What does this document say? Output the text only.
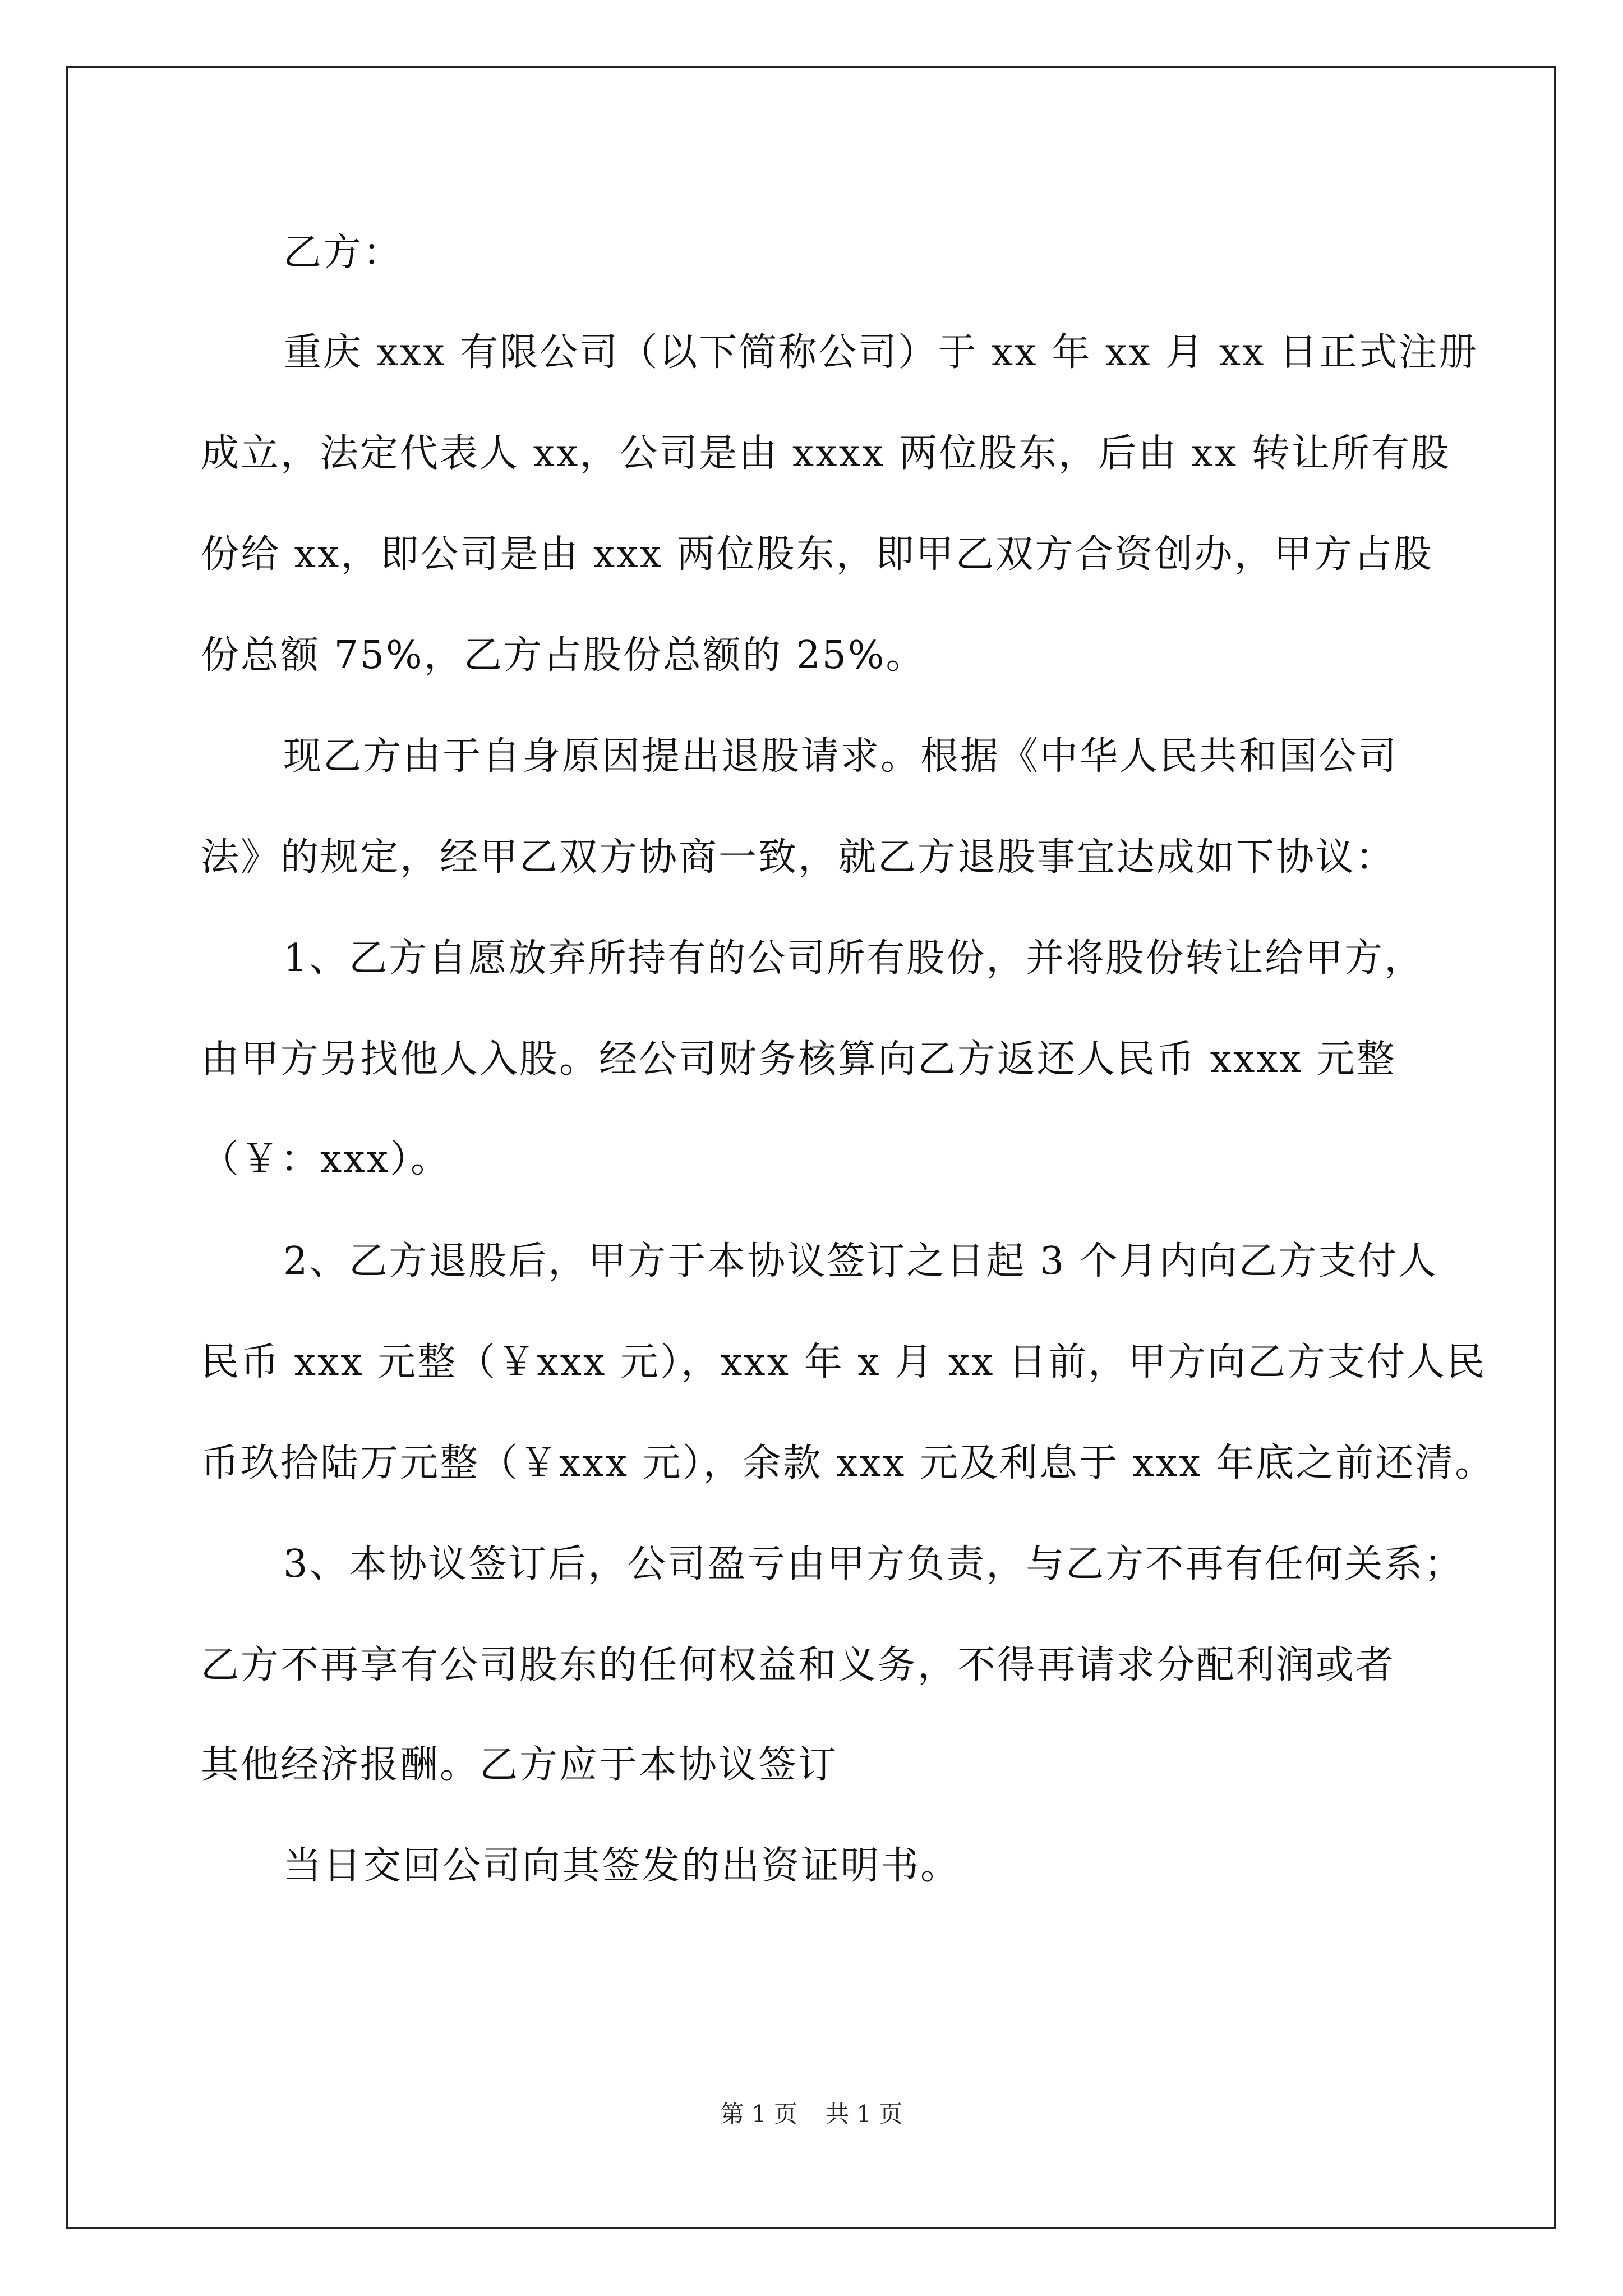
乙方：

重庆 xxx 有限公司（以下简称公司）于 xx 年 xx 月 xx 日正式注册

成立，法定代表人 xx，公司是由 xxxx 两位股东，后由 xx 转让所有股

份给 xx，即公司是由 xxx 两位股东，即甲乙双方合资创办，甲方占股

份总额 75%，乙方占股份总额的 25%。

现乙方由于自身原因提出退股请求。根据《中华人民共和国公司

法》的规定，经甲乙双方协商一致，就乙方退股事宜达成如下协议：

1、乙方自愿放弃所持有的公司所有股份，并将股份转让给甲方，

由甲方另找他人入股。经公司财务核算向乙方返还人民币 xxxx 元整

（￥：xxx）。

2、乙方退股后，甲方于本协议签订之日起 3 个月内向乙方支付人

民币 xxx 元整（￥xxx 元），xxx 年 x 月 xx 日前，甲方向乙方支付人民

币玖拾陆万元整（￥xxx 元），余款 xxx 元及利息于 xxx 年底之前还清。

3、本协议签订后，公司盈亏由甲方负责，与乙方不再有任何关系；

乙方不再享有公司股东的任何权益和义务，不得再请求分配利润或者

其他经济报酬。乙方应于本协议签订

当日交回公司向其签发的出资证明书。

第 1 页 共 1 页
